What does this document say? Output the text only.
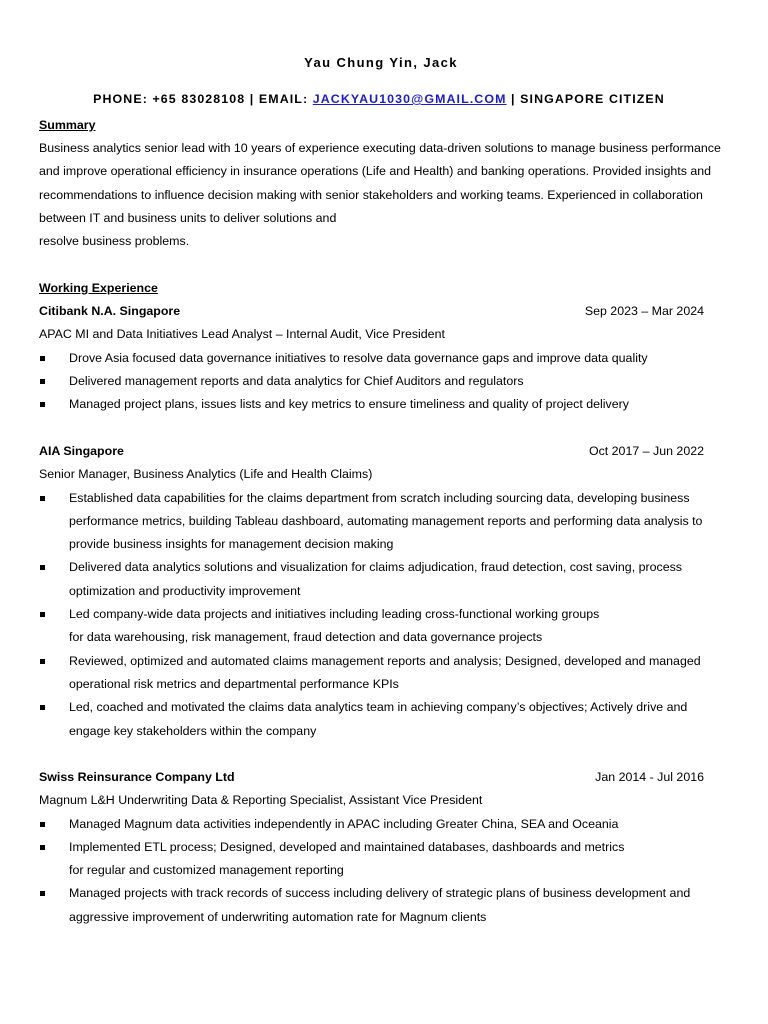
Yau Chung Yin, Jack
PHONE: +65 83028108 | EMAIL: JACKYAU1030@GMAIL.COM | SINGAPORE CITIZEN
Summary
Business analytics senior lead with 10 years of experience executing data-driven solutions to manage business performance
and improve operational efficiency in insurance operations (Life and Health) and banking operations. Provided insights and
recommendations to influence decision making with senior stakeholders and working teams. Experienced in collaboration
between IT and business units to deliver solutions and
resolve business problems.
Working Experience
Citibank N.A. Singapore	Sep 2023 – Mar 2024
APAC MI and Data Initiatives Lead Analyst – Internal Audit, Vice President
Drove Asia focused data governance initiatives to resolve data governance gaps and improve data quality
Delivered management reports and data analytics for Chief Auditors and regulators
Managed project plans, issues lists and key metrics to ensure timeliness and quality of project delivery
AIA Singapore	Oct 2017 – Jun 2022
Senior Manager, Business Analytics (Life and Health Claims)
Established data capabilities for the claims department from scratch including sourcing data, developing business
performance metrics, building Tableau dashboard, automating management reports and performing data analysis to
provide business insights for management decision making
Delivered data analytics solutions and visualization for claims adjudication, fraud detection, cost saving, process
optimization and productivity improvement
Led company-wide data projects and initiatives including leading cross-functional working groups
for data warehousing, risk management, fraud detection and data governance projects
Reviewed, optimized and automated claims management reports and analysis; Designed, developed and managed
operational risk metrics and departmental performance KPIs
Led, coached and motivated the claims data analytics team in achieving company’s objectives; Actively drive and
engage key stakeholders within the company
Swiss Reinsurance Company Ltd	Jan 2014 - Jul 2016
Magnum L&H Underwriting Data & Reporting Specialist, Assistant Vice President
Managed Magnum data activities independently in APAC including Greater China, SEA and Oceania
Implemented ETL process; Designed, developed and maintained databases, dashboards and metrics
for regular and customized management reporting
Managed projects with track records of success including delivery of strategic plans of business development and
aggressive improvement of underwriting automation rate for Magnum clients
